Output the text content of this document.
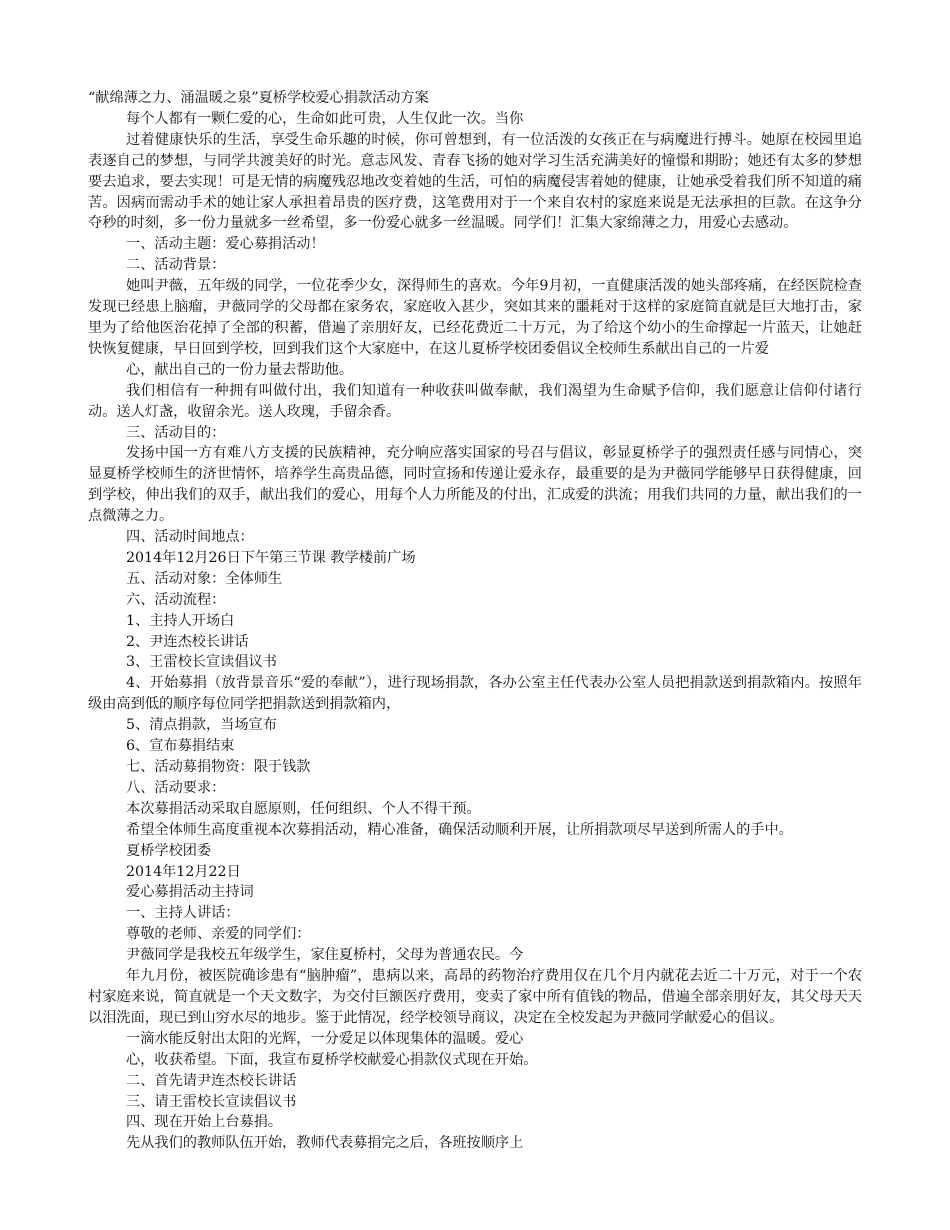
“献绵薄之力、涌温暖之泉”夏桥学校爱心捐款活动方案

每个人都有一颗仁爱的心，生命如此可贵，人生仅此一次。当你

过着健康快乐的生活，享受生命乐趣的时候，你可曾想到，有一位活泼的女孩正在与病魔进行搏斗。她原在校园里追表逐自己的梦想，与同学共渡美好的时光。意志风发、青春飞扬的她对学习生活充满美好的憧憬和期盼；她还有太多的梦想要去追求，要去实现！可是无情的病魔残忍地改变着她的生活，可怕的病魔侵害着她的健康，让她承受着我们所不知道的痛苦。因病而需动手术的她让家人承担着昂贵的医疗费，这笔费用对于一个来自农村的家庭来说是无法承担的巨款。在这争分夺秒的时刻，多一份力量就多一丝希望，多一份爱心就多一丝温暖。同学们！汇集大家绵薄之力，用爱心去感动。

一、活动主题：爱心募捐活动！

二、活动背景：

她叫尹薇，五年级的同学，一位花季少女，深得师生的喜欢。今年9月初，一直健康活泼的她头部疼痛，在经医院检查发现已经患上脑瘤，尹薇同学的父母都在家务农，家庭收入甚少，突如其来的噩耗对于这样的家庭简直就是巨大地打击，家里为了给他医治花掉了全部的积蓄，借遍了亲朋好友，已经花费近二十万元，为了给这个幼小的生命撑起一片蓝天，让她赶快恢复健康，早日回到学校，回到我们这个大家庭中，在这儿夏桥学校团委倡议全校师生系献出自己的一片爱

心，献出自己的一份力量去帮助他。

我们相信有一种拥有叫做付出，我们知道有一种收获叫做奉献，我们渴望为生命赋予信仰，我们愿意让信仰付诸行动。送人灯盏，收留余光。送人玫瑰，手留余香。

三、活动目的：

发扬中国一方有难八方支援的民族精神，充分响应落实国家的号召与倡议，彰显夏桥学子的强烈责任感与同情心，突显夏桥学校师生的济世情怀，培养学生高贵品德，同时宣扬和传递让爱永存，最重要的是为尹薇同学能够早日获得健康，回到学校，伸出我们的双手，献出我们的爱心，用每个人力所能及的付出，汇成爱的洪流；用我们共同的力量，献出我们的一点微薄之力。

四、活动时间地点：

2014年12月26日下午第三节课 教学楼前广场

五、活动对象：全体师生

六、活动流程：

1、主持人开场白

2、尹连杰校长讲话

3、王雷校长宣读倡议书

4、开始募捐（放背景音乐“爱的奉献”），进行现场捐款，各办公室主任代表办公室人员把捐款送到捐款箱内。按照年级由高到低的顺序每位同学把捐款送到捐款箱内，

5、清点捐款，当场宣布

6、宣布募捐结束

七、活动募捐物资：限于钱款

八、活动要求：

本次募捐活动采取自愿原则，任何组织、个人不得干预。

希望全体师生高度重视本次募捐活动，精心准备，确保活动顺利开展，让所捐款项尽早送到所需人的手中。

夏桥学校团委

2014年12月22日

爱心募捐活动主持词

一、主持人讲话：

尊敬的老师、亲爱的同学们：

尹薇同学是我校五年级学生，家住夏桥村，父母为普通农民。今

年九月份，被医院确诊患有“脑肿瘤”，患病以来，高昂的药物治疗费用仅在几个月内就花去近二十万元，对于一个农村家庭来说，简直就是一个天文数字，为交付巨额医疗费用，变卖了家中所有值钱的物品，借遍全部亲朋好友，其父母天天以泪洗面，现已到山穷水尽的地步。鉴于此情况，经学校领导商议，决定在全校发起为尹薇同学献爱心的倡议。

一滴水能反射出太阳的光辉，一分爱足以体现集体的温暖。爱心

心，收获希望。下面，我宣布夏桥学校献爱心捐款仪式现在开始。

二、首先请尹连杰校长讲话

三、请王雷校长宣读倡议书

四、现在开始上台募捐。

先从我们的教师队伍开始，教师代表募捐完之后，各班按顺序上
